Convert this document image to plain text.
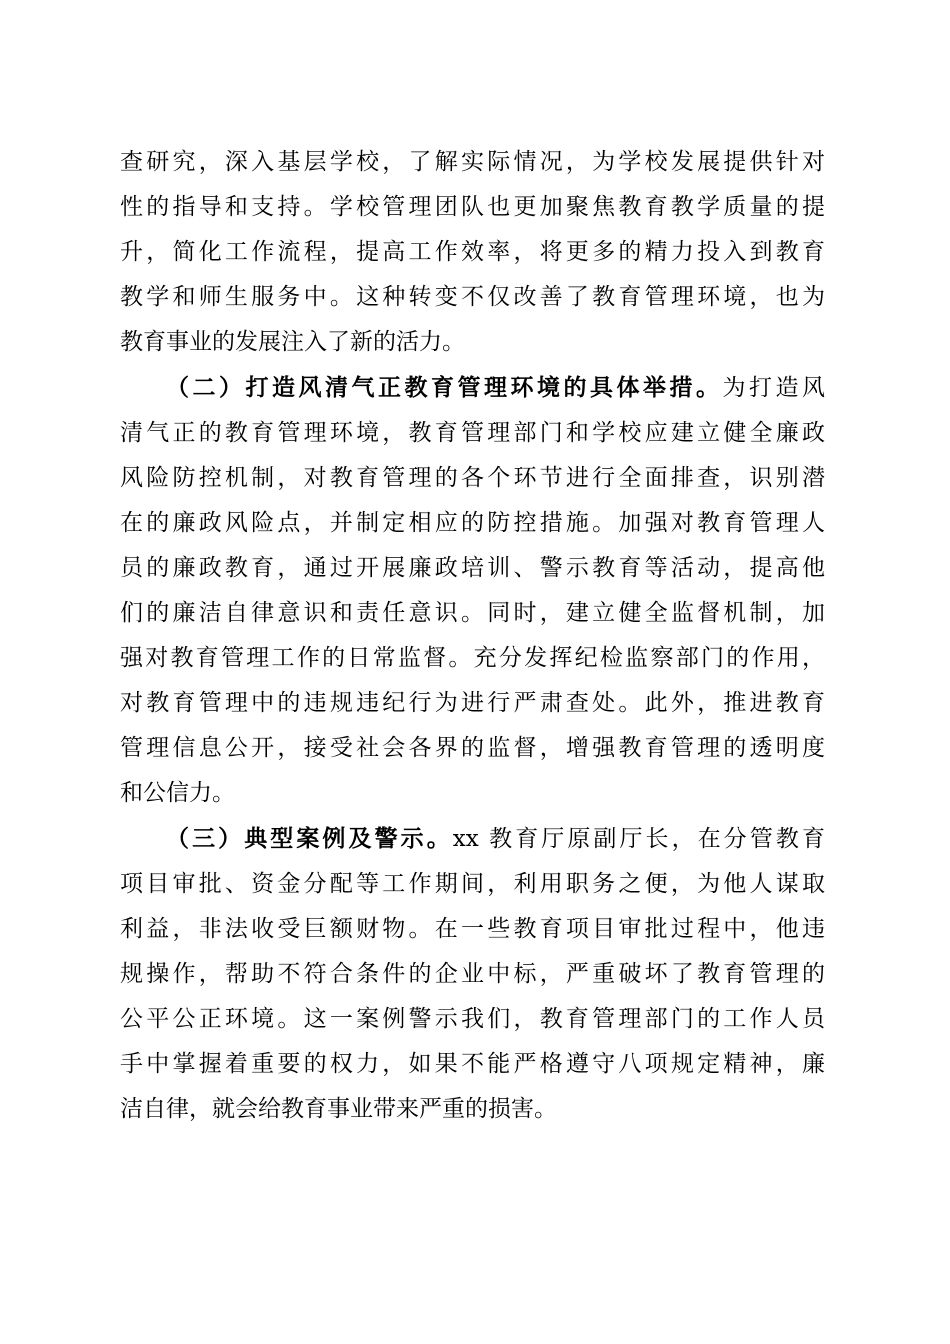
查研究，深入基层学校，了解实际情况，为学校发展提供针对
性的指导和支持。学校管理团队也更加聚焦教育教学质量的提
升，简化工作流程，提高工作效率，将更多的精力投入到教育
教学和师生服务中。这种转变不仅改善了教育管理环境，也为
教育事业的发展注入了新的活力。

（二）打造风清气正教育管理环境的具体举措。为打造风
清气正的教育管理环境，教育管理部门和学校应建立健全廉政
风险防控机制，对教育管理的各个环节进行全面排查，识别潜
在的廉政风险点，并制定相应的防控措施。加强对教育管理人
员的廉政教育，通过开展廉政培训、警示教育等活动，提高他
们的廉洁自律意识和责任意识。同时，建立健全监督机制，加
强对教育管理工作的日常监督。充分发挥纪检监察部门的作用，
对教育管理中的违规违纪行为进行严肃查处。此外，推进教育
管理信息公开，接受社会各界的监督，增强教育管理的透明度
和公信力。

（三）典型案例及警示。xx 教育厅原副厅长，在分管教育
项目审批、资金分配等工作期间，利用职务之便，为他人谋取
利益，非法收受巨额财物。在一些教育项目审批过程中，他违
规操作，帮助不符合条件的企业中标，严重破坏了教育管理的
公平公正环境。这一案例警示我们，教育管理部门的工作人员
手中掌握着重要的权力，如果不能严格遵守八项规定精神，廉
洁自律，就会给教育事业带来严重的损害。
